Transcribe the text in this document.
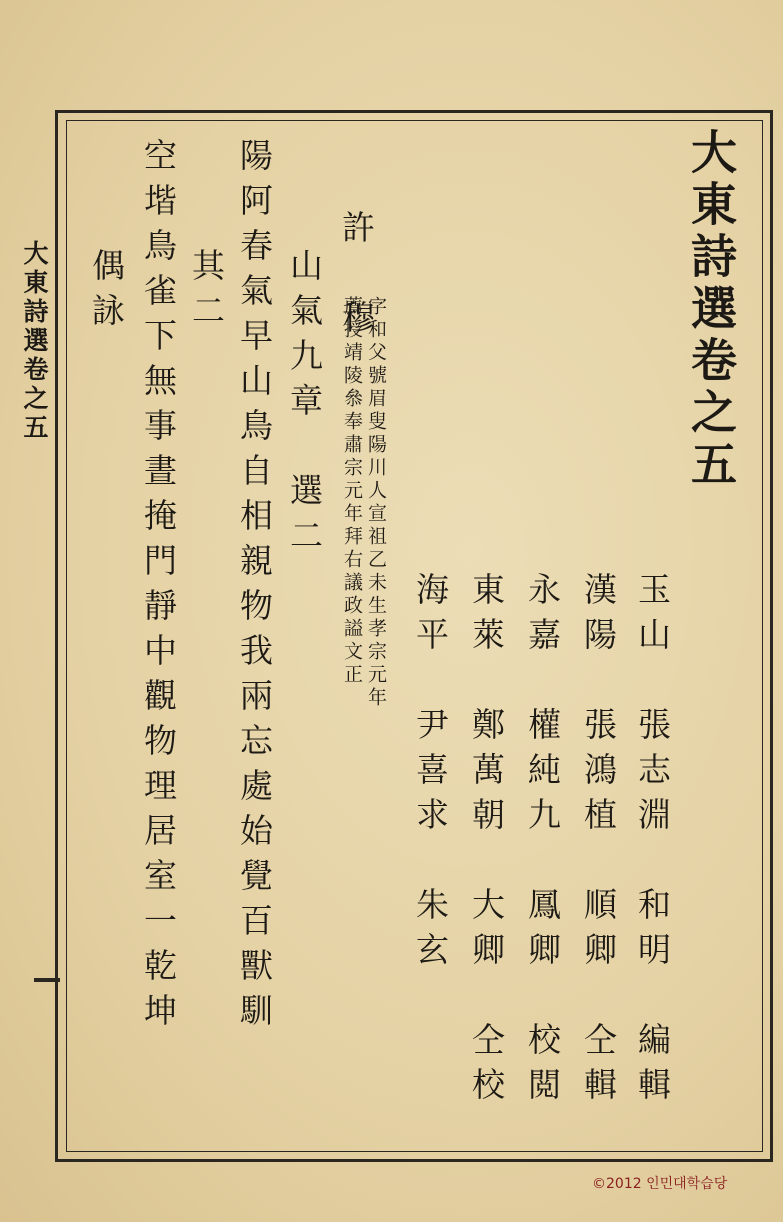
大東詩選卷之五	大東詩選卷之五
玉山　張志淵　和明　編輯
漢陽　張鴻植　順卿　仝輯
永嘉　權純九　鳳卿　校閲
東萊　鄭萬朝　大卿　仝校
海平　尹喜求　朱玄
許　穆
字和父號眉叟陽川人宣祖乙未生孝宗元年
薦授靖陵叅奉肅宗元年拜右議政謚文正
山氣九章　選二
陽阿春氣早山鳥自相親物我兩忘處始覺百獸馴
其二
空堦鳥雀下無事晝掩門靜中觀物理居室一乾坤
偶詠
©2012 인민대학습당
